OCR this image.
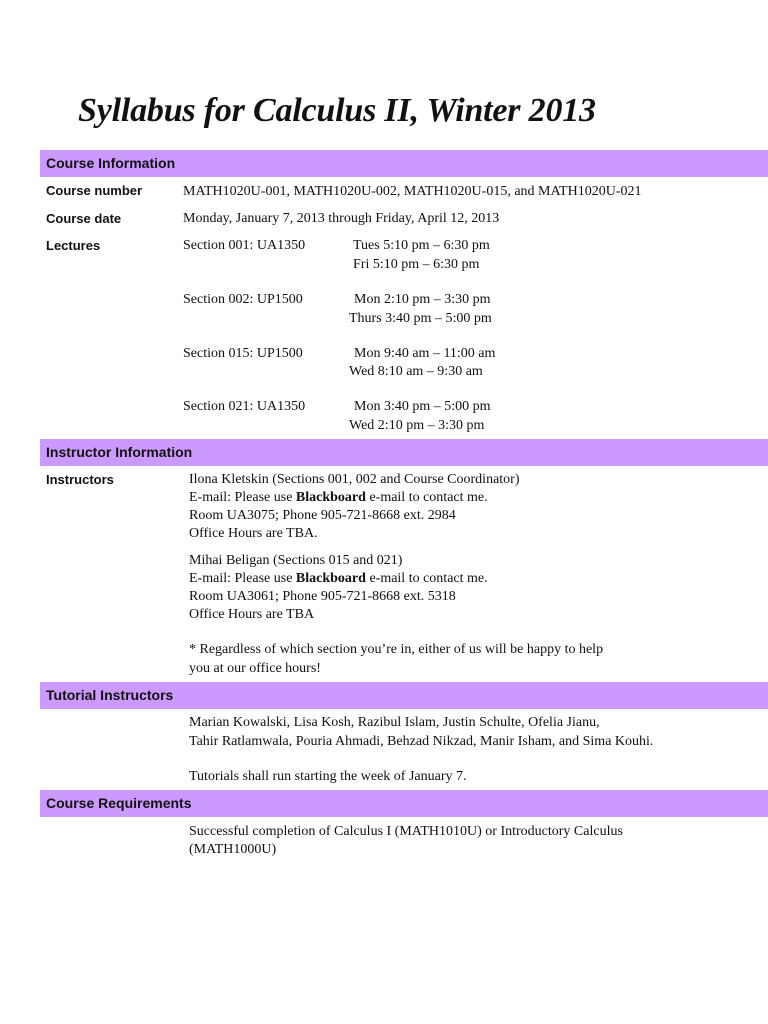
Syllabus for Calculus II, Winter 2013
Course Information
Course number	MATH1020U-001, MATH1020U-002, MATH1020U-015, and MATH1020U-021
Course date	Monday, January 7, 2013 through Friday, April 12, 2013
Lectures	Section 001: UA1350	Tues 5:10 pm – 6:30 pm
Fri 5:10 pm – 6:30 pm
Section 002: UP1500	Mon 2:10 pm – 3:30 pm
Thurs 3:40 pm – 5:00 pm
Section 015: UP1500	Mon 9:40 am – 11:00 am
Wed 8:10 am – 9:30 am
Section 021: UA1350	Mon 3:40 pm – 5:00 pm
Wed 2:10 pm – 3:30 pm
Instructor Information
Instructors	Ilona Kletskin (Sections 001, 002 and Course Coordinator)
E-mail: Please use Blackboard e-mail to contact me.
Room UA3075; Phone 905-721-8668 ext. 2984
Office Hours are TBA.
Mihai Beligan (Sections 015 and 021)
E-mail: Please use Blackboard e-mail to contact me.
Room UA3061; Phone 905-721-8668 ext. 5318
Office Hours are TBA
* Regardless of which section you’re in, either of us will be happy to help
you at our office hours!
Tutorial Instructors
Marian Kowalski, Lisa Kosh, Razibul Islam, Justin Schulte, Ofelia Jianu,
Tahir Ratlamwala, Pouria Ahmadi, Behzad Nikzad, Manir Isham, and Sima Kouhi.
Tutorials shall run starting the week of January 7.
Course Requirements
Successful completion of Calculus I (MATH1010U) or Introductory Calculus
(MATH1000U)
